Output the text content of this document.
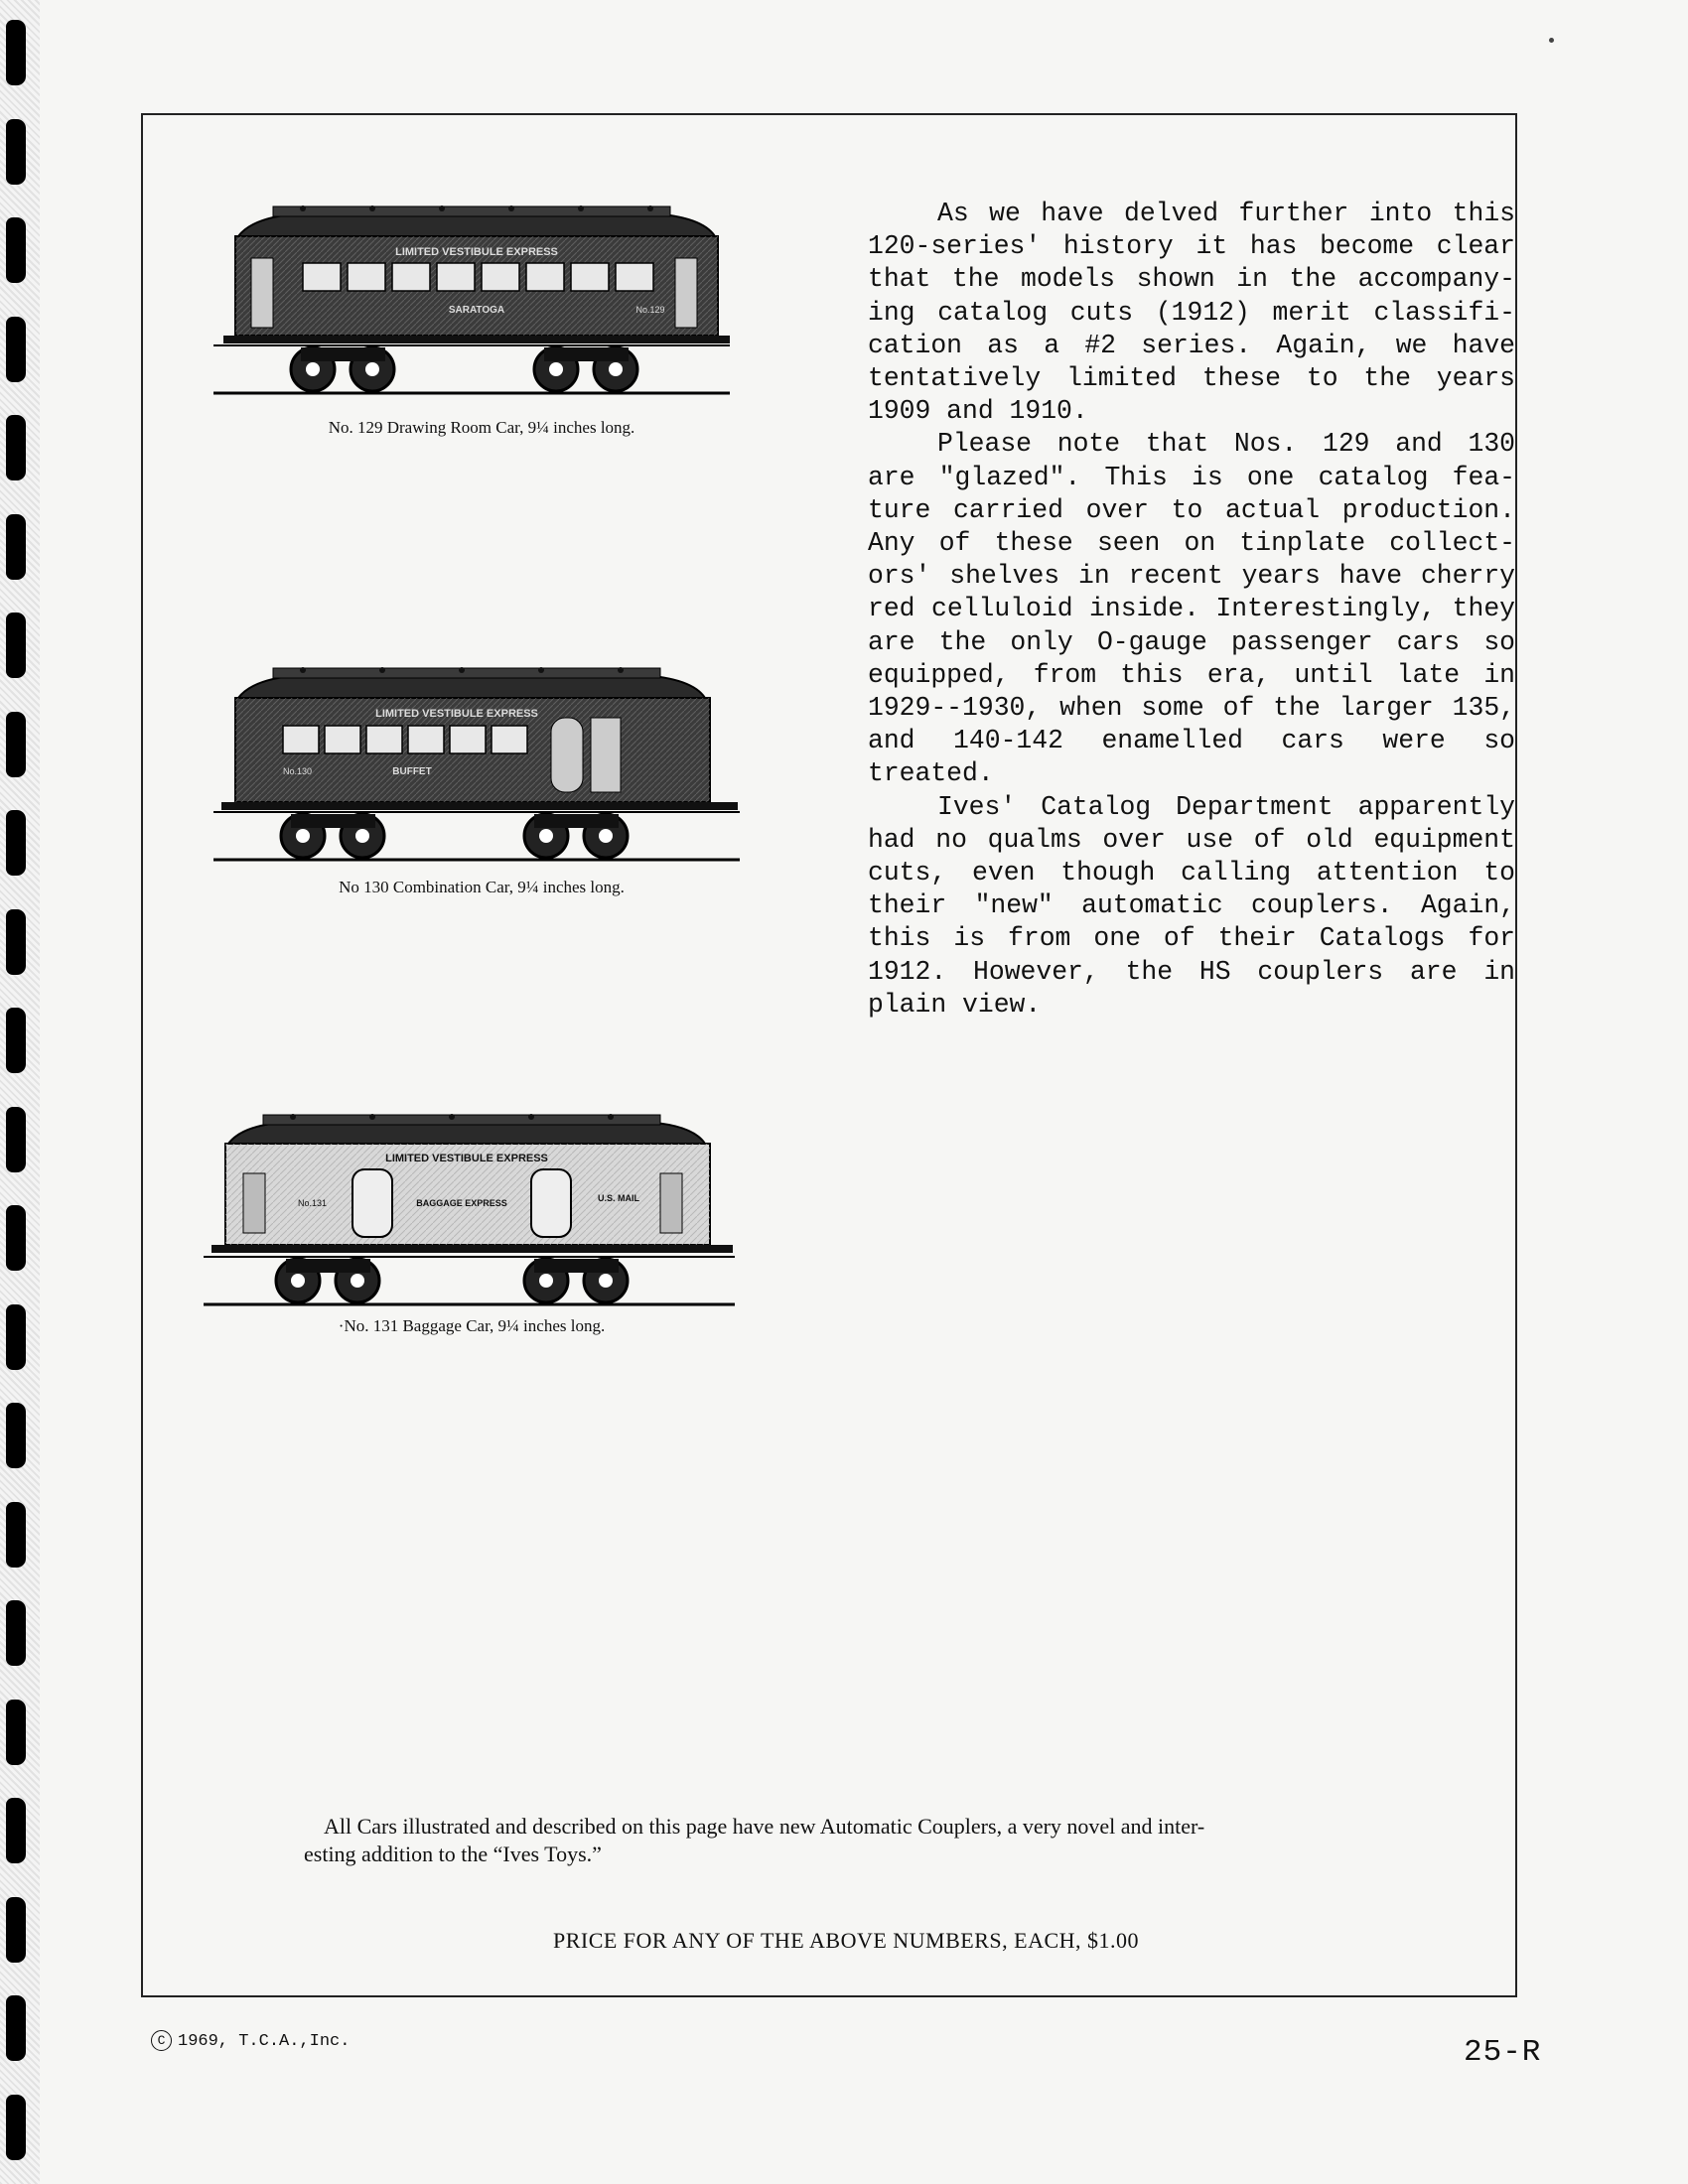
LIMITED VESTIBULE EXPRESS
SARATOGA	No.129
No. 129 Drawing Room Car, 9¼ inches long.
LIMITED VESTIBULE EXPRESS
No.130	BUFFET
No 130 Combination Car, 9¼ inches long.
LIMITED VESTIBULE EXPRESS
No.131	BAGGAGE EXPRESS	U.S. MAIL
·No. 131 Baggage Car, 9¼ inches long.

As we have delved further into this 120-series' history it has become clear that the models shown in the accompany-ing catalog cuts (1912) merit classifi-cation as a #2 series. Again, we have tentatively limited these to the years 1909 and 1910.

Please note that Nos. 129 and 130 are "glazed". This is one catalog fea-ture carried over to actual production. Any of these seen on tinplate collect-ors' shelves in recent years have cherry red celluloid inside. Interestingly, they are the only O-gauge passenger cars so equipped, from this era, until late in 1929--1930, when some of the larger 135, and 140-142 enamelled cars were so treated.

Ives' Catalog Department apparently had no qualms over use of old equipment cuts, even though calling attention to their "new" automatic couplers. Again, this is from one of their Catalogs for 1912. However, the HS couplers are in plain view.

All Cars illustrated and described on this page have new Automatic Couplers, a very novel and inter-
esting addition to the “Ives Toys.”
PRICE FOR ANY OF THE ABOVE NUMBERS, EACH, $1.00
C 1969, T.C.A.,Inc.	25-R
